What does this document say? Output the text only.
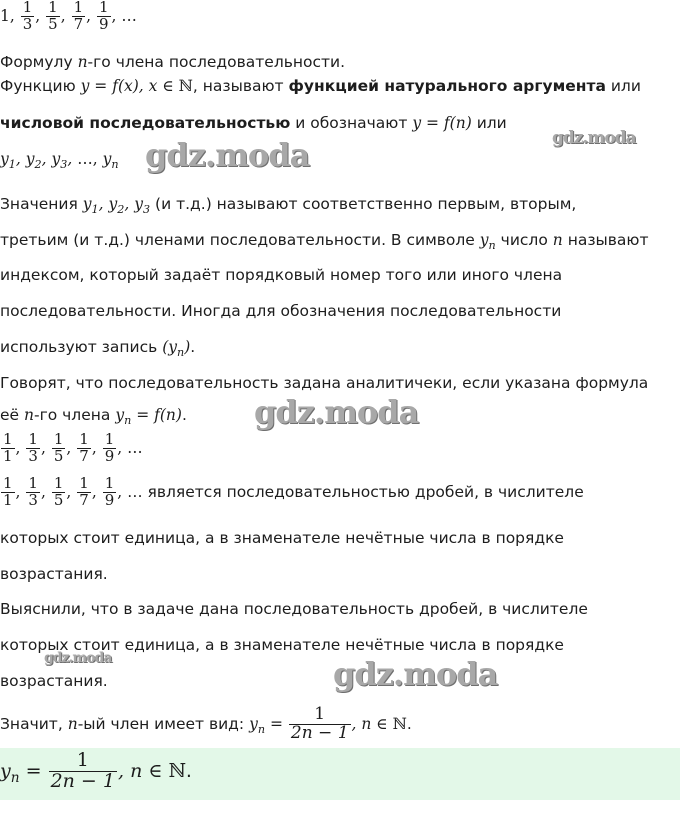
1, $\frac{1}{3}$ , $\frac{1}{5}$ , $\frac{1}{7}$ , $\frac{1}{9}$ , …
Формулу n-го члена последовательности.
Функцию y = f(x), x ∈ ℕ, называют функцией натурального аргумента или
числовой последовательностью и обозначают y = f(n) или
$y_1$, $y_2$, $y_3$, …, $y_n$
Значения $y_1$, $y_2$, $y_3$ (и т.д.) называют соответственно первым, вторым,
третьим (и т.д.) членами последовательности. В символе $y_n$ число n называют
индексом, который задаёт порядковый номер того или иного члена
последовательности. Иногда для обозначения последовательности
используют запись $(y_n)$.
Говорят, что последовательность задана аналитичеки, если указана формула
её n-го члена $y_n = f(n)$.
$\frac{1}{1}$ , $\frac{1}{3}$ , $\frac{1}{5}$ , $\frac{1}{7}$ , $\frac{1}{9}$ , …
$\frac{1}{1}$ , $\frac{1}{3}$ , $\frac{1}{5}$ , $\frac{1}{7}$ , $\frac{1}{9}$ , … является последовательностью дробей, в числителе
которых стоит единица, а в знаменателе нечётные числа в порядке
возрастания.
Выяснили, что в задаче дана последовательность дробей, в числителе
которых стоит единица, а в знаменателе нечётные числа в порядке
возрастания.
Значит, n-ый член имеет вид: $y_n = \frac{1}{2n - 1}$ , n ∈ ℕ.
$y_n = \frac{1}{2n - 1}$ , n ∈ ℕ.
gdz.moda	gdz.moda
gdz.moda
gdz.moda	gdz.moda
